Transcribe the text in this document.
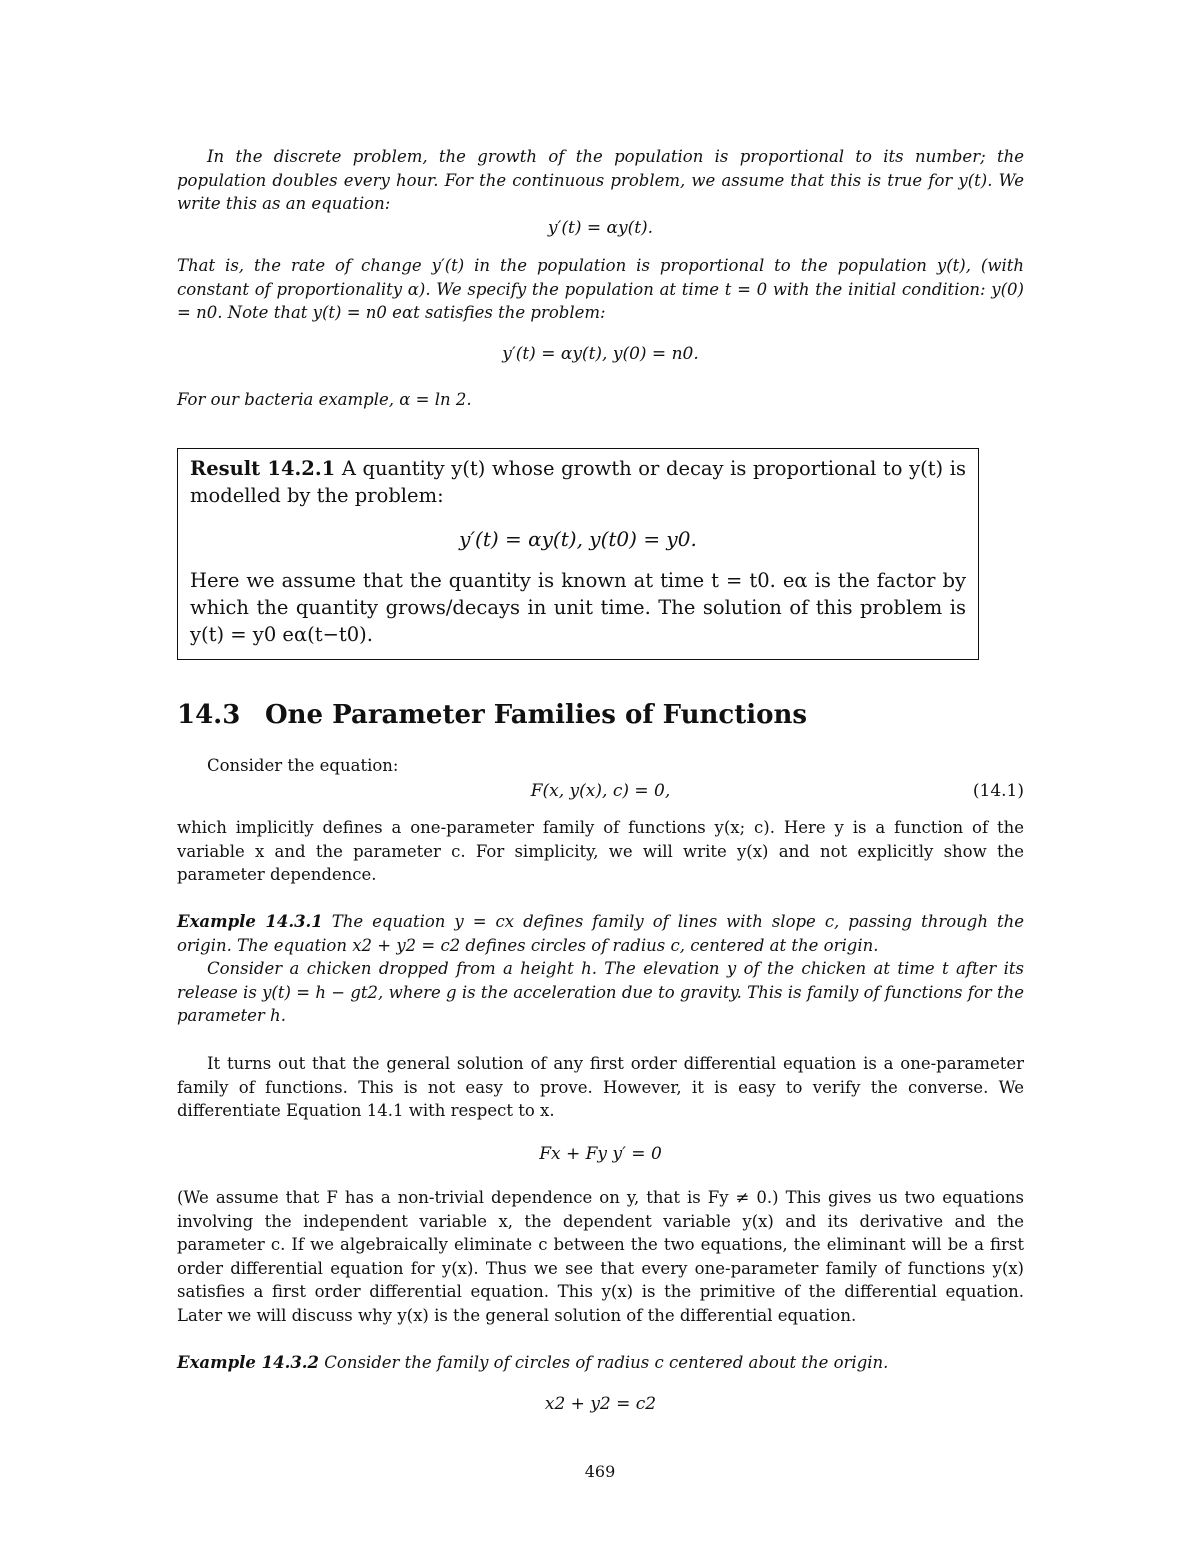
In the discrete problem, the growth of the population is proportional to its number; the population doubles every hour. For the continuous problem, we assume that this is true for y(t). We write this as an equation:

y′(t) = αy(t).

That is, the rate of change y′(t) in the population is proportional to the population y(t), (with constant of proportionality α). We specify the population at time t = 0 with the initial condition: y(0) = n0. Note that y(t) = n0 eαt satisfies the problem:

y′(t) = αy(t), y(0) = n0.

For our bacteria example, α = ln 2.

Result 14.2.1 A quantity y(t) whose growth or decay is proportional to y(t) is modelled by the problem:

y′(t) = αy(t), y(t0) = y0.

Here we assume that the quantity is known at time t = t0. eα is the factor by which the quantity grows/decays in unit time. The solution of this problem is y(t) = y0 eα(t−t0).

14.3 One Parameter Families of Functions

Consider the equation:

F(x, y(x), c) = 0,	(14.1)

which implicitly defines a one-parameter family of functions y(x; c). Here y is a function of the variable x and the parameter c. For simplicity, we will write y(x) and not explicitly show the parameter dependence.

Example 14.3.1 The equation y = cx defines family of lines with slope c, passing through the origin. The equation x2 + y2 = c2 defines circles of radius c, centered at the origin.

Consider a chicken dropped from a height h. The elevation y of the chicken at time t after its release is y(t) = h − gt2, where g is the acceleration due to gravity. This is family of functions for the parameter h.

It turns out that the general solution of any first order differential equation is a one-parameter family of functions. This is not easy to prove. However, it is easy to verify the converse. We differentiate Equation 14.1 with respect to x.

Fx + Fy y′ = 0

(We assume that F has a non-trivial dependence on y, that is Fy ≠ 0.) This gives us two equations involving the independent variable x, the dependent variable y(x) and its derivative and the parameter c. If we algebraically eliminate c between the two equations, the eliminant will be a first order differential equation for y(x). Thus we see that every one-parameter family of functions y(x) satisfies a first order differential equation. This y(x) is the primitive of the differential equation. Later we will discuss why y(x) is the general solution of the differential equation.

Example 14.3.2 Consider the family of circles of radius c centered about the origin.

x2 + y2 = c2
469
